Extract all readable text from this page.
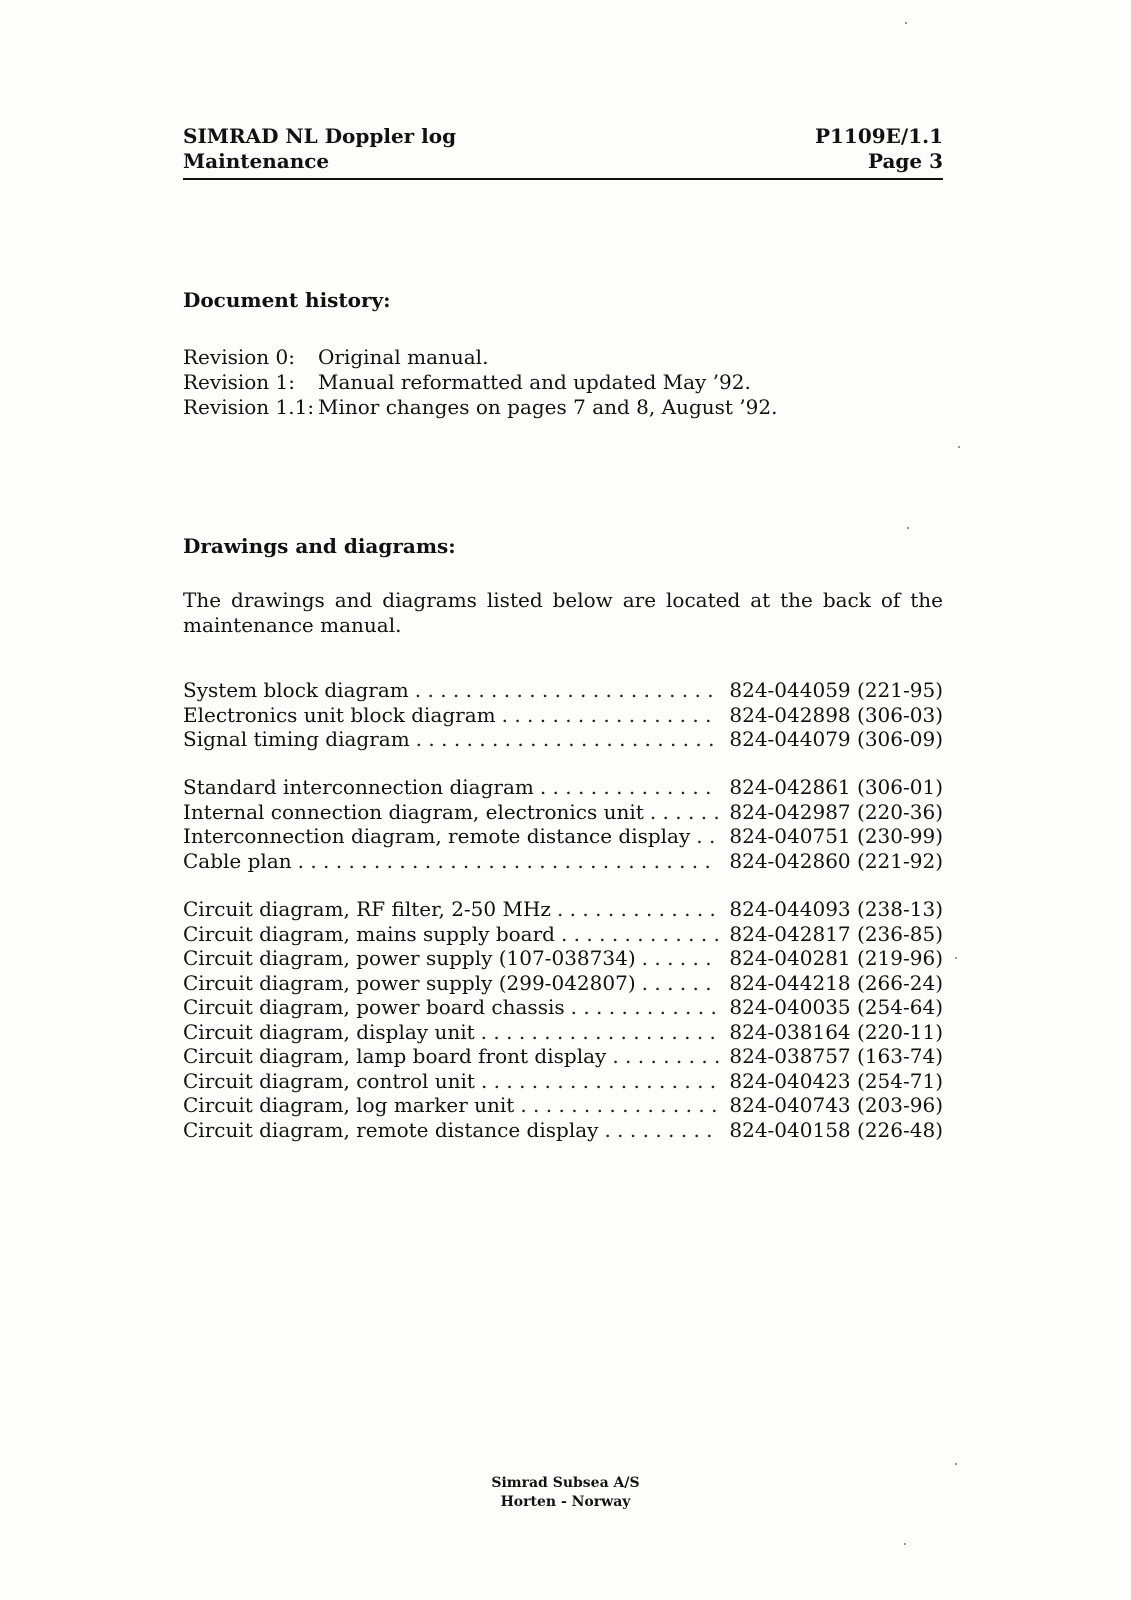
SIMRAD NL Doppler log
Maintenance
P1109E/1.1
Page 3
Document history:
Revision 0:	Original manual.
Revision 1:	Manual reformatted and updated May ’92.
Revision 1.1: Minor changes on pages 7 and 8, August ’92.
Drawings and diagrams:
The drawings and diagrams listed below are located at the back of the maintenance manual.
System block diagram . . .	824-044059 (221-95)
Electronics unit block diagram . . .	824-042898 (306-03)
Signal timing diagram . . .	824-044079 (306-09)
Standard interconnection diagram . . .	824-042861 (306-01)
Internal connection diagram, electronics unit . . .	824-042987 (220-36)
Interconnection diagram, remote distance display . . .	824-040751 (230-99)
Cable plan . . .	824-042860 (221-92)
Circuit diagram, RF filter, 2-50 MHz . . .	824-044093 (238-13)
Circuit diagram, mains supply board . . .	824-042817 (236-85)
Circuit diagram, power supply (107-038734) . . .	824-040281 (219-96)
Circuit diagram, power supply (299-042807) . . .	824-044218 (266-24)
Circuit diagram, power board chassis . . .	824-040035 (254-64)
Circuit diagram, display unit . . .	824-038164 (220-11)
Circuit diagram, lamp board front display . . .	824-038757 (163-74)
Circuit diagram, control unit . . .	824-040423 (254-71)
Circuit diagram, log marker unit . . .	824-040743 (203-96)
Circuit diagram, remote distance display . . .	824-040158 (226-48)
Simrad Subsea A/S
Horten - Norway
